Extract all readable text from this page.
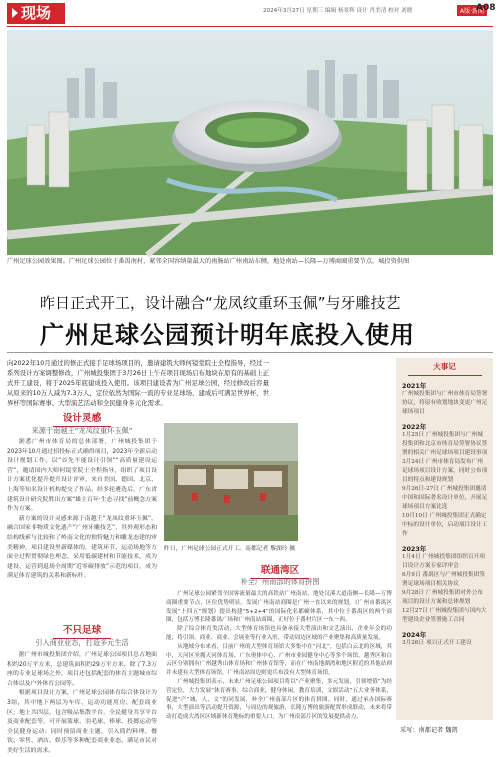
现场	2024年3月27日 星期三 编辑 杨景辉 设计 肖美清 校对 刘晓	A版·新闻
A08
广州足球公园效果图。广州足球公园位于番禺南村，紧邻全国容纳量最大的南肠站广州南站东侧，地处南站—长隆—万博商圈重要节点。城投资供图
昨日正式开工，设计融合“龙凤纹重环玉佩”与牙雕技艺
广州足球公园预计明年底投入使用
向2022年10月通过的修正式接手足球场项目的，邀请建筑大师何镜堂院士全程指导，经过一系列设计方案调整修改，广州城投集团于3月26日上午在项目现场启布地块在原有的基础上正式开工建设，将于2025年底建成投入使用。该项目建设者为广州足球公园，经过修改后容量从原来的10万人减为7.3万人，定位依然为国际一流的专业足球场，建成后可满足世界杯、世界杯等国际赛事、大型演艺活动和全民健身多元化需求。
设计灵感
来源于南越王“龙凤纹重环玉佩”

据悉广州市体育局的总体部署，广州城投集团于2023年10月通过招投标正式确得项目，2023年全新启动设计规划工作。以“首先不能设计引领”“高质量建设运营”，邀请国内大师何镜堂院士全程指导，组织了项目设计方案优化提升提升设计评审，来自美国、德国、北京、上海等知名设计机构提交了作品，经多轮遴选后，广东省建筑设计研究院胜出方案“雄主百年·生态寻找”前概念方案作为方案。

新方案的设计灵感来源于南越王“龙凤纹重环玉佩”，融合国家非物质文化遗产“广州牙雕技艺”，其外观形态和结构线索与比较和了岭南文化的独特魅力和雕龙态建的审美精神，项目建设里新媒体的，建筑环节、运动场地等方面全过程贯彻绿色理念，采用低碳建材和节能技术，成为建设、运营到退场全周期“近零碳排放”示范的项目，成为满足体育建筑的关系和新标杆。

不只足球
引入商业业态，打造多元生活

据广州市城投集团介绍，广州足球公园项目总占地面积约20万平方米，总建筑面积约29万平方米。除了7.3万座的专业足球场之外，项目还包括配套的体育主题城市综合体以及户外体育公园等。

根据项目设计方案，广州足球公园体育综合体设计为3组，其中地下两层为车库、运动功能用房、配套商业区；地上共四层，包含吸品集散平台，全民健身共享平台及商业配套等，可开展篮球、羽毛球、棒球、投掷运动等全民健身运动；同时预留商业主题，引入简约料理、餐饮、零售、酒店、娱乐等多种配套商业业态，满足市民对美好生活的需求。

昨日，广州足球公园正式开工。南都记者 黎湖玲 摄
联通湾区
补全广州南部的体育拼图

广州足球公园紧邻全国客流量最大的高铁站广州南站，地处汉溪大道南侧—长隆—万博商圈重要节点，区位优势明显。发展广州南站商圈是广州一直以来的规划，《广州市番禺区发展“十四五”规划》提出构建“5+2+4”的国际化名都幢体系，其中位于番禺区的两个商圈，包括万博长隆番禺广场和广州南站商圈，正好位于番村片区一东一西。

除了综合体育类活动，大型体育场馆也具备承接大型演出和文艺演出、企业年会的功能，将引领、商业、商业、会展业等行业入驻，带动周边区域的产业聚集和高质量发展。

从地域分布来看，目前广州的大型体育场馆大多集中在“河北”，包括白云北的区域，其中，天河区坐拥天河体育场、广东奥体中心、广州市业园健身中心等多个场馆，越秀区和白云区分别拥有广州越秀山体育场和广州体育馆等，而在广州南地湖湾和地区附近的其他站则并未建有大型体育场馆，广州南站周边则更兵布没有大型体育场馆。

广州城投集团表示，未来广州足球公园项目将以“产业聚集，多元发展，引领增值”为经营定位，大力发展“体育赛事，综合商业，健身休闲，教育培训，文娱活动”五大业务体系，促进“产”城，人，文“的同发展，补全广州南部片区的体育拼图。同时，通过承办国际赛事，大型演出等活动提升资源，与周边的观旅游，长隆万博的旅游配置形成联动，未来将带动打造成大湾区区域新体育地标的重要人口，为广州南部片区的发展提供动力。

大事记
2021年
广州城投集团与广州市体育局签署协议，将原有收划地块变更广州足球场项目
2022年
1月25日 广州城投集团与广州城投集团和北京市体育局签署协议签署的相关广州足球场项目建设事项
3月24日 广州市体育局发布广州足球场项目设计方案，同时公布项目的特点和建设规划
9月26日-27日 广州城投集团邀请中国和国际著名设计单位，开展足球场项目方案比选
10月10日 广州城投集团正式确定中标的设计单位，启动项目设计工作
2023年
1月4日 广州城投集团组织召开项目设计方案专家评审会
6月9日 番禺区与广州城投集团签署足球场项目相关协议
9月28日 广州城投集团对外公布项目的设计方案和总体规划
12月27日 广州城投集团与国内大型建设企业签署施工合同
2024年
3月26日 项目正式开工建设
采写：南都记者 魏凯
